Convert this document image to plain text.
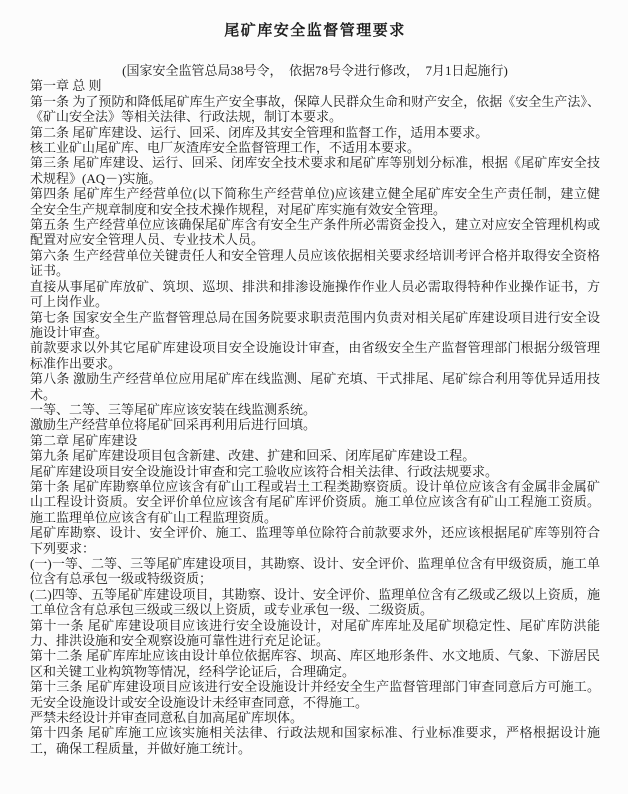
尾矿库安全监督管理要求
(国家安全监管总局38号令，  依据78号令进行修改，  7月1日起施行)

第一章 总 则

第一条 为了预防和降低尾矿库生产安全事故，保障人民群众生命和财产安全，依据《安全生产法》、《矿山安全法》等相关法律、行政法规，制订本要求。

第二条 尾矿库建设、运行、回采、闭库及其安全管理和监督工作，适用本要求。

核工业矿山尾矿库、电厂灰渣库安全监督管理工作，不适用本要求。

第三条 尾矿库建设、运行、回采、闭库安全技术要求和尾矿库等别划分标准，根据《尾矿库安全技术规程》(AQ－)实施。

第四条 尾矿库生产经营单位(以下简称生产经营单位)应该建立健全尾矿库安全生产责任制，建立健全安全生产规章制度和安全技术操作规程，对尾矿库实施有效安全管理。

第五条 生产经营单位应该确保尾矿库含有安全生产条件所必需资金投入，建立对应安全管理机构或配置对应安全管理人员、专业技术人员。

第六条 生产经营单位关键责任人和安全管理人员应该依据相关要求经培训考评合格并取得安全资格证书。

直接从事尾矿库放矿、筑坝、巡坝、排洪和排渗设施操作作业人员必需取得特种作业操作证书，方可上岗作业。

第七条 国家安全生产监督管理总局在国务院要求职责范围内负责对相关尾矿库建设项目进行安全设施设计审查。

前款要求以外其它尾矿库建设项目安全设施设计审查，由省级安全生产监督管理部门根据分级管理标准作出要求。

第八条 激励生产经营单位应用尾矿库在线监测、尾矿充填、干式排尾、尾矿综合利用等优异适用技术。

一等、二等、三等尾矿库应该安装在线监测系统。

激励生产经营单位将尾矿回采再利用后进行回填。

第二章 尾矿库建设

第九条 尾矿库建设项目包含新建、改建、扩建和回采、闭库尾矿库建设工程。

尾矿库建设项目安全设施设计审查和完工验收应该符合相关法律、行政法规要求。

第十条 尾矿库勘察单位应该含有矿山工程或岩土工程类勘察资质。设计单位应该含有金属非金属矿山工程设计资质。安全评价单位应该含有尾矿库评价资质。施工单位应该含有矿山工程施工资质。施工监理单位应该含有矿山工程监理资质。

尾矿库勘察、设计、安全评价、施工、监理等单位除符合前款要求外，还应该根据尾矿库等别符合下列要求：

(一)一等、二等、三等尾矿库建设项目，其勘察、设计、安全评价、监理单位含有甲级资质，施工单位含有总承包一级或特级资质；

(二)四等、五等尾矿库建设项目，其勘察、设计、安全评价、监理单位含有乙级或乙级以上资质，施工单位含有总承包三级或三级以上资质，或专业承包一级、二级资质。

第十一条 尾矿库建设项目应该进行安全设施设计，对尾矿库库址及尾矿坝稳定性、尾矿库防洪能力、排洪设施和安全观察设施可靠性进行充足论证。

第十二条 尾矿库库址应该由设计单位依据库容、坝高、库区地形条件、水文地质、气象、下游居民区和关键工业构筑物等情况，经科学论证后，合理确定。

第十三条 尾矿库建设项目应该进行安全设施设计并经安全生产监督管理部门审查同意后方可施工。无安全设施设计或安全设施设计未经审查同意，不得施工。

严禁未经设计并审查同意私自加高尾矿库坝体。

第十四条 尾矿库施工应该实施相关法律、行政法规和国家标准、行业标准要求，严格根据设计施工，确保工程质量，并做好施工统计。
